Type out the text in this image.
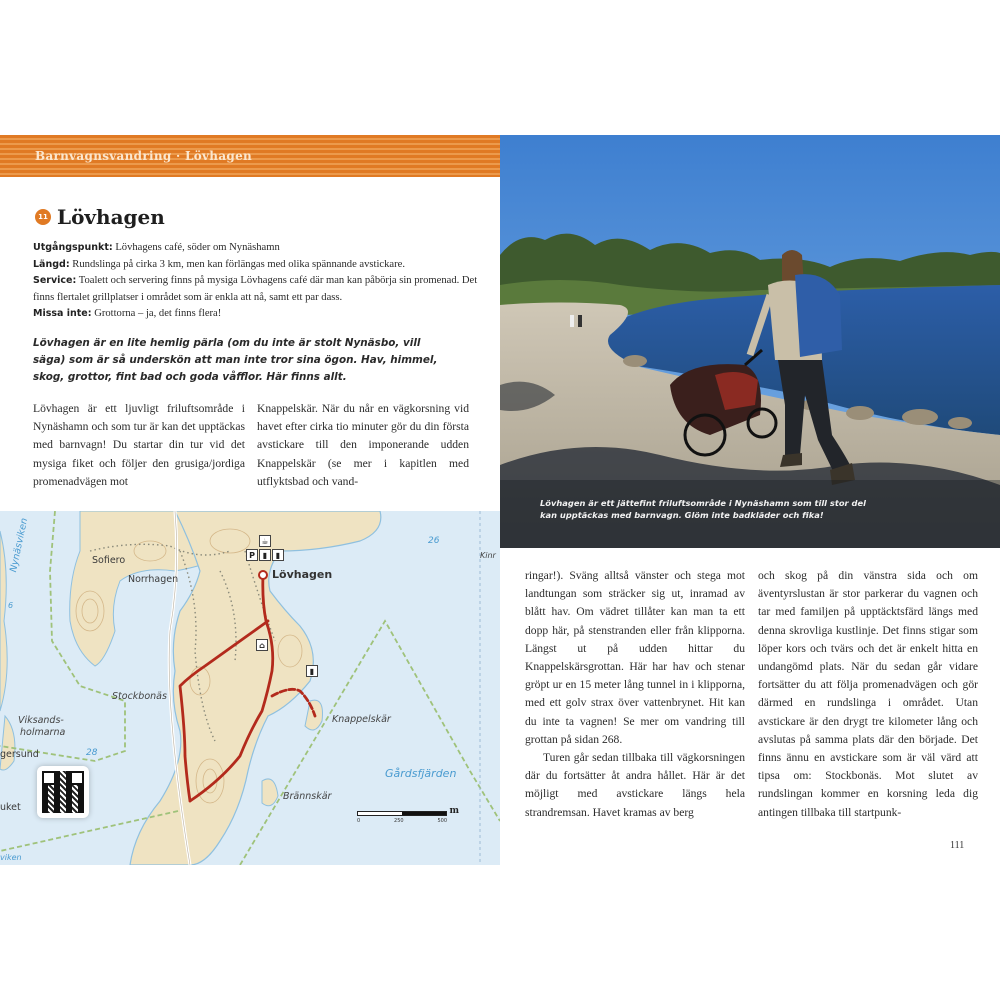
Barnvagnsvandring · Lövhagen
11 Lövhagen
Utgångspunkt: Lövhagens café, söder om Nynäshamn
Längd: Rundslinga på cirka 3 km, men kan förlängas med olika spännande avstickare.
Service: Toalett och servering finns på mysiga Lövhagens café där man kan påbörja sin promenad. Det finns flertalet grillplatser i området som är enkla att nå, samt ett par dass.
Missa inte: Grottorna – ja, det finns flera!

Lövhagen är en lite hemlig pärla (om du inte är stolt Nynäsbo, vill säga) som är så underskön att man inte tror sina ögon. Hav, himmel, skog, grottor, fint bad och goda våfflor. Här finns allt.

Lövhagen är ett ljuvligt friluftsområde i Nynäshamn och som tur är kan det upptäckas med barnvagn! Du startar din tur vid det mysiga fiket och följer den grusiga/jordiga promenadvägen mot

Knappelskär. När du når en vägkorsning vid havet efter cirka tio minuter gör du din första avstickare till den imponerande udden Knappelskär (se mer i kapitlen med utflyktsbad och vand-

Nynäsviken
6
Sofiero
Norrhagen	Lövhagen
Stockbonäs
Viksands-
holmarna
gersund	28
uket
Knappelskär
Brännskär
Gårdsfjärden
26
Kinr
viken
☕
P ▮	▮
⌂
▮
0	250	500
m

Lövhagen är ett jättefint friluftsområde i Nynäshamn som till stor del kan upptäckas med barnvagn. Glöm inte badkläder och fika!

ringar!). Sväng alltså vänster och stega mot landtungan som sträcker sig ut, inramad av blått hav. Om vädret tillåter kan man ta ett dopp här, på stenstranden eller från klipporna. Längst ut på udden hittar du Knappelskärsgrottan. Här har hav och stenar gröpt ur en 15 meter lång tunnel in i klipporna, med ett golv strax över vattenbrynet. Hit kan du inte ta vagnen! Se mer om vandring till grottan på sidan 268.

Turen går sedan tillbaka till vägkorsningen där du fortsätter åt andra hållet. Här är det möjligt med avstickare längs hela strandremsan. Havet kramas av berg

och skog på din vänstra sida och om äventyrslustan är stor parkerar du vagnen och tar med familjen på upptäcktsfärd längs med denna skrovliga kustlinje. Det finns stigar som löper kors och tvärs och det är enkelt hitta en undangömd plats. När du sedan går vidare fortsätter du att följa promenadvägen och gör därmed en rundslinga i området. Utan avstickare är den drygt tre kilometer lång och avslutas på samma plats där den började. Det finns ännu en avstickare som är väl värd att tipsa om: Stockbonäs. Mot slutet av rundslingan kommer en korsning leda dig antingen tillbaka till startpunk-

111
